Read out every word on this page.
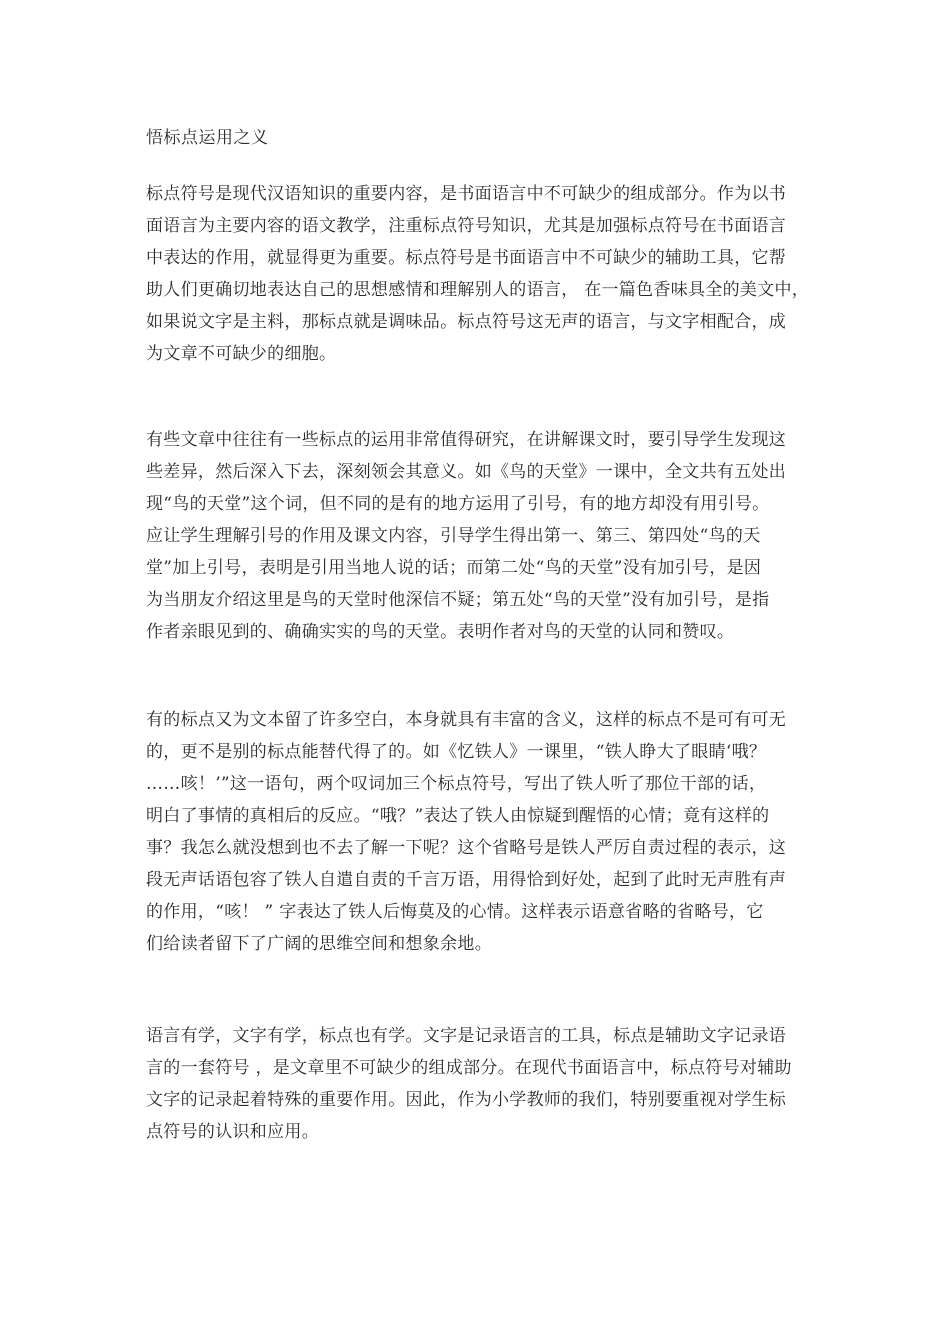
悟标点运用之义
标点符号是现代汉语知识的重要内容，是书面语言中不可缺少的组成部分。作为以书
面语言为主要内容的语文教学，注重标点符号知识，尤其是加强标点符号在书面语言
中表达的作用，就显得更为重要。标点符号是书面语言中不可缺少的辅助工具，它帮
助人们更确切地表达自己的思想感情和理解别人的语言， 在一篇色香味具全的美文中，
如果说文字是主料，那标点就是调味品。标点符号这无声的语言，与文字相配合，成
为文章不可缺少的细胞。
有些文章中往往有一些标点的运用非常值得研究，在讲解课文时，要引导学生发现这
些差异，然后深入下去，深刻领会其意义。如《鸟的天堂》一课中，全文共有五处出
现“鸟的天堂”这个词，但不同的是有的地方运用了引号，有的地方却没有用引号。
应让学生理解引号的作用及课文内容，引导学生得出第一、第三、第四处“鸟的天
堂”加上引号，表明是引用当地人说的话；而第二处“鸟的天堂”没有加引号，是因
为当朋友介绍这里是鸟的天堂时他深信不疑；第五处“鸟的天堂”没有加引号，是指
作者亲眼见到的、确确实实的鸟的天堂。表明作者对鸟的天堂的认同和赞叹。
有的标点又为文本留了许多空白，本身就具有丰富的含义，这样的标点不是可有可无
的，更不是别的标点能替代得了的。如《忆铁人》一课里，“铁人睁大了眼睛‘哦？
……咳！’”这一语句，两个叹词加三个标点符号，写出了铁人听了那位干部的话，
明白了事情的真相后的反应。“哦？”表达了铁人由惊疑到醒悟的心情；竟有这样的
事？我怎么就没想到也不去了解一下呢？这个省略号是铁人严厉自责过程的表示，这
段无声话语包容了铁人自遣自责的千言万语，用得恰到好处，起到了此时无声胜有声
的作用，“咳！ ” 字表达了铁人后悔莫及的心情。这样表示语意省略的省略号，它
们给读者留下了广阔的思维空间和想象余地。
语言有学，文字有学，标点也有学。文字是记录语言的工具，标点是辅助文字记录语
言的一套符号 ，是文章里不可缺少的组成部分。在现代书面语言中，标点符号对辅助
文字的记录起着特殊的重要作用。因此，作为小学教师的我们，特别要重视对学生标
点符号的认识和应用。
